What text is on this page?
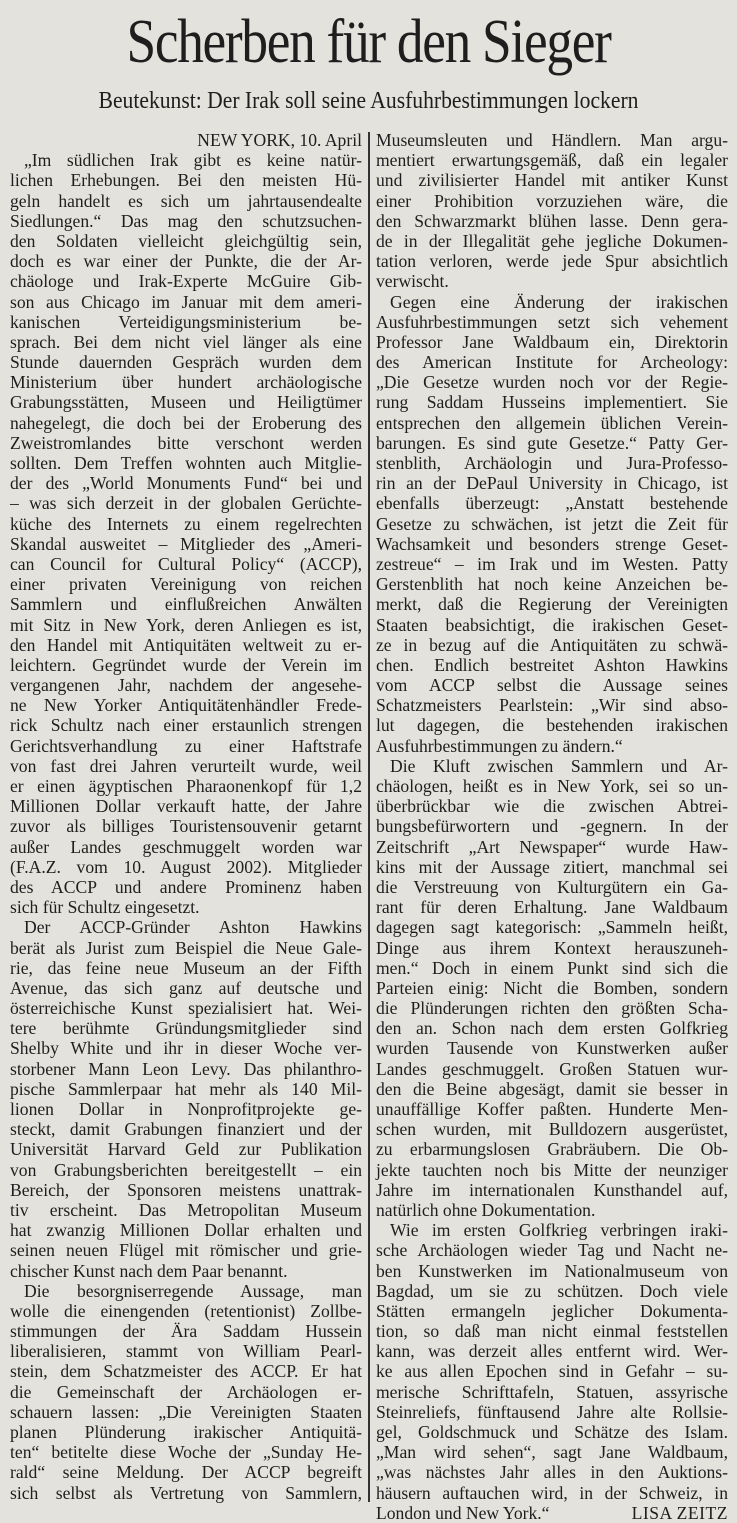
Scherben für den Sieger
Beutekunst: Der Irak soll seine Ausfuhrbestimmungen lockern
NEW YORK, 10. April
„Im südlichen Irak gibt es keine natür-
lichen Erhebungen. Bei den meisten Hü-
geln handelt es sich um jahrtausendealte
Siedlungen.“ Das mag den schutzsuchen-
den Soldaten vielleicht gleichgültig sein,
doch es war einer der Punkte, die der Ar-
chäologe und Irak-Experte McGuire Gib-
son aus Chicago im Januar mit dem ameri-
kanischen Verteidigungsministerium be-
sprach. Bei dem nicht viel länger als eine
Stunde dauernden Gespräch wurden dem
Ministerium über hundert archäologische
Grabungsstätten, Museen und Heiligtümer
nahegelegt, die doch bei der Eroberung des
Zweistromlandes bitte verschont werden
sollten. Dem Treffen wohnten auch Mitglie-
der des „World Monuments Fund“ bei und
– was sich derzeit in der globalen Gerüchte-
küche des Internets zu einem regelrechten
Skandal ausweitet – Mitglieder des „Ameri-
can Council for Cultural Policy“ (ACCP),
einer privaten Vereinigung von reichen
Sammlern und einflußreichen Anwälten
mit Sitz in New York, deren Anliegen es ist,
den Handel mit Antiquitäten weltweit zu er-
leichtern. Gegründet wurde der Verein im
vergangenen Jahr, nachdem der angesehe-
ne New Yorker Antiquitätenhändler Frede-
rick Schultz nach einer erstaunlich strengen
Gerichtsverhandlung zu einer Haftstrafe
von fast drei Jahren verurteilt wurde, weil
er einen ägyptischen Pharaonenkopf für 1,2
Millionen Dollar verkauft hatte, der Jahre
zuvor als billiges Touristensouvenir getarnt
außer Landes geschmuggelt worden war
(F.A.Z. vom 10. August 2002). Mitglieder
des ACCP und andere Prominenz haben
sich für Schultz eingesetzt.
Der ACCP-Gründer Ashton Hawkins
berät als Jurist zum Beispiel die Neue Gale-
rie, das feine neue Museum an der Fifth
Avenue, das sich ganz auf deutsche und
österreichische Kunst spezialisiert hat. Wei-
tere berühmte Gründungsmitglieder sind
Shelby White und ihr in dieser Woche ver-
storbener Mann Leon Levy. Das philanthro-
pische Sammlerpaar hat mehr als 140 Mil-
lionen Dollar in Nonprofitprojekte ge-
steckt, damit Grabungen finanziert und der
Universität Harvard Geld zur Publikation
von Grabungsberichten bereitgestellt – ein
Bereich, der Sponsoren meistens unattrak-
tiv erscheint. Das Metropolitan Museum
hat zwanzig Millionen Dollar erhalten und
seinen neuen Flügel mit römischer und grie-
chischer Kunst nach dem Paar benannt.
Die besorgniserregende Aussage, man
wolle die einengenden (retentionist) Zollbe-
stimmungen der Ära Saddam Hussein
liberalisieren, stammt von William Pearl-
stein, dem Schatzmeister des ACCP. Er hat
die Gemeinschaft der Archäologen er-
schauern lassen: „Die Vereinigten Staaten
planen Plünderung irakischer Antiquitä-
ten“ betitelte diese Woche der „Sunday He-
rald“ seine Meldung. Der ACCP begreift
sich selbst als Vertretung von Sammlern,
Museumsleuten und Händlern. Man argu-
mentiert erwartungsgemäß, daß ein legaler
und zivilisierter Handel mit antiker Kunst
einer Prohibition vorzuziehen wäre, die
den Schwarzmarkt blühen lasse. Denn gera-
de in der Illegalität gehe jegliche Dokumen-
tation verloren, werde jede Spur absichtlich
verwischt.
Gegen eine Änderung der irakischen
Ausfuhrbestimmungen setzt sich vehement
Professor Jane Waldbaum ein, Direktorin
des American Institute for Archeology:
„Die Gesetze wurden noch vor der Regie-
rung Saddam Husseins implementiert. Sie
entsprechen den allgemein üblichen Verein-
barungen. Es sind gute Gesetze.“ Patty Ger-
stenblith, Archäologin und Jura-Professo-
rin an der DePaul University in Chicago, ist
ebenfalls überzeugt: „Anstatt bestehende
Gesetze zu schwächen, ist jetzt die Zeit für
Wachsamkeit und besonders strenge Geset-
zestreue“ – im Irak und im Westen. Patty
Gerstenblith hat noch keine Anzeichen be-
merkt, daß die Regierung der Vereinigten
Staaten beabsichtigt, die irakischen Geset-
ze in bezug auf die Antiquitäten zu schwä-
chen. Endlich bestreitet Ashton Hawkins
vom ACCP selbst die Aussage seines
Schatzmeisters Pearlstein: „Wir sind abso-
lut dagegen, die bestehenden irakischen
Ausfuhrbestimmungen zu ändern.“
Die Kluft zwischen Sammlern und Ar-
chäologen, heißt es in New York, sei so un-
überbrückbar wie die zwischen Abtrei-
bungsbefürwortern und -gegnern. In der
Zeitschrift „Art Newspaper“ wurde Haw-
kins mit der Aussage zitiert, manchmal sei
die Verstreuung von Kulturgütern ein Ga-
rant für deren Erhaltung. Jane Waldbaum
dagegen sagt kategorisch: „Sammeln heißt,
Dinge aus ihrem Kontext herauszuneh-
men.“ Doch in einem Punkt sind sich die
Parteien einig: Nicht die Bomben, sondern
die Plünderungen richten den größten Scha-
den an. Schon nach dem ersten Golfkrieg
wurden Tausende von Kunstwerken außer
Landes geschmuggelt. Großen Statuen wur-
den die Beine abgesägt, damit sie besser in
unauffällige Koffer paßten. Hunderte Men-
schen wurden, mit Bulldozern ausgerüstet,
zu erbarmungslosen Grabräubern. Die Ob-
jekte tauchten noch bis Mitte der neunziger
Jahre im internationalen Kunsthandel auf,
natürlich ohne Dokumentation.
Wie im ersten Golfkrieg verbringen iraki-
sche Archäologen wieder Tag und Nacht ne-
ben Kunstwerken im Nationalmuseum von
Bagdad, um sie zu schützen. Doch viele
Stätten ermangeln jeglicher Dokumenta-
tion, so daß man nicht einmal feststellen
kann, was derzeit alles entfernt wird. Wer-
ke aus allen Epochen sind in Gefahr – su-
merische Schrifttafeln, Statuen, assyrische
Steinreliefs, fünftausend Jahre alte Rollsie-
gel, Goldschmuck und Schätze des Islam.
„Man wird sehen“, sagt Jane Waldbaum,
„was nächstes Jahr alles in den Auktions-
häusern auftauchen wird, in der Schweiz, in
London und New York.“	LISA ZEITZ
